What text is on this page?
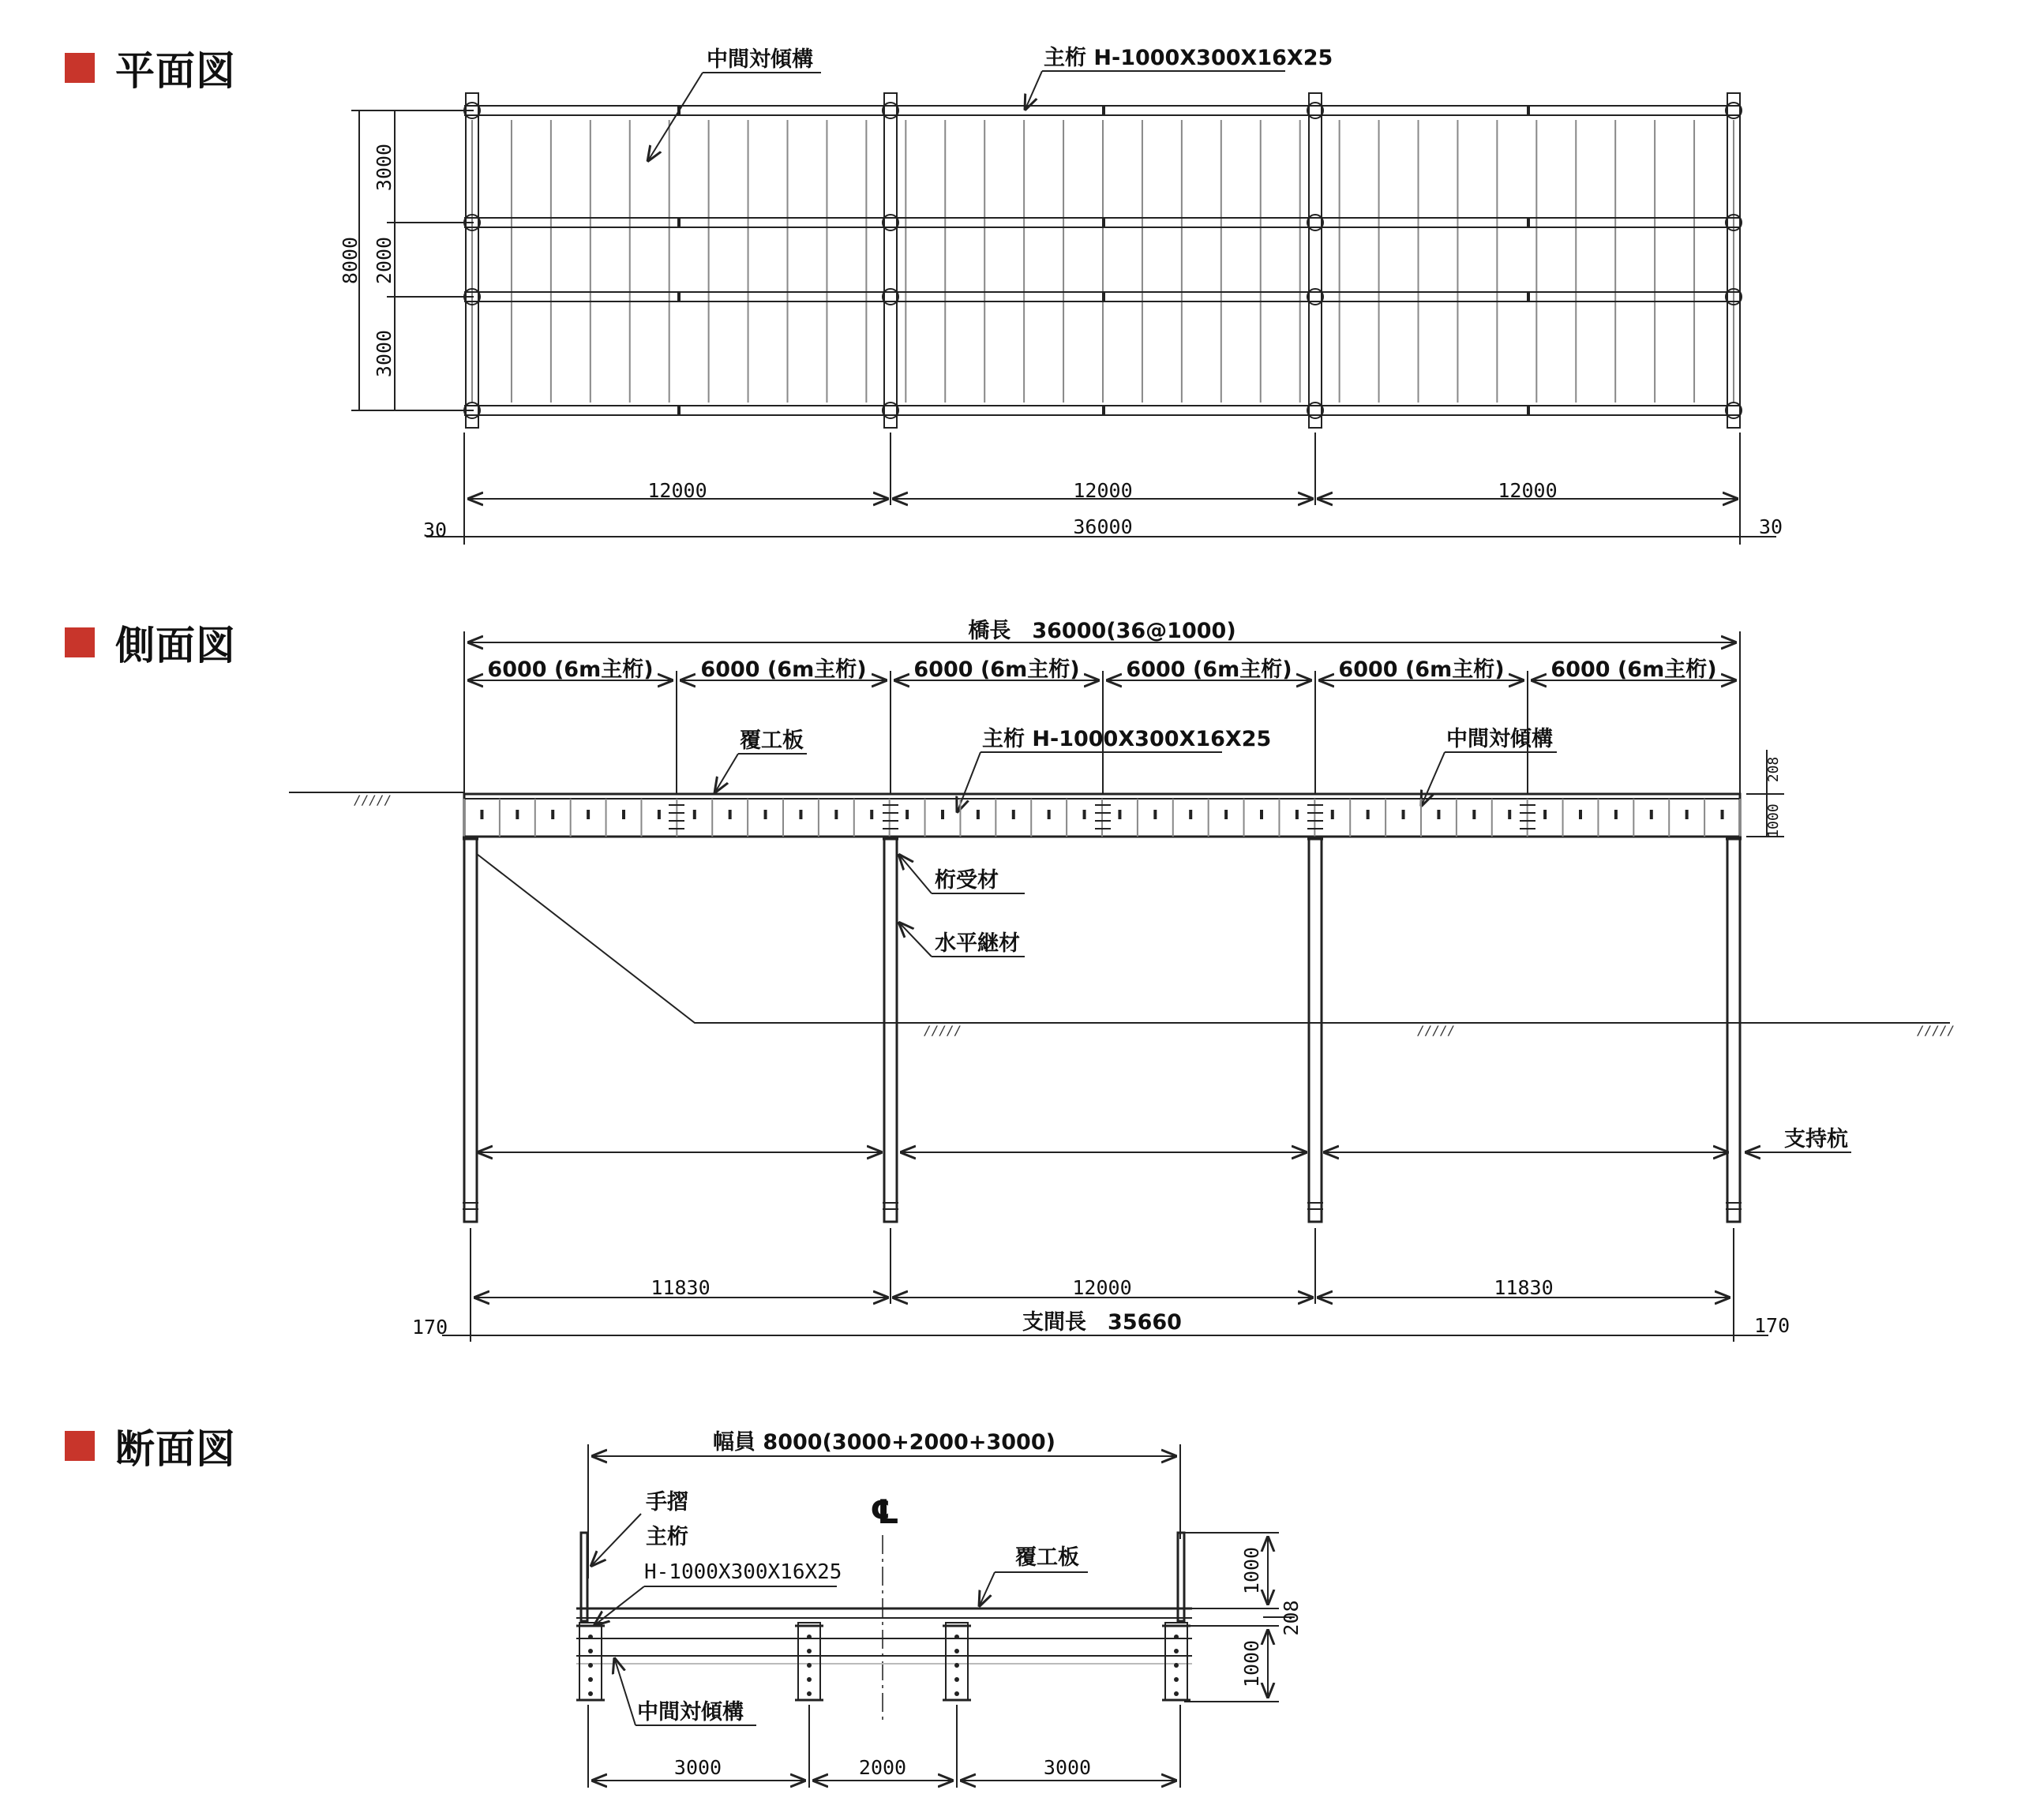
平面図
側面図
断面図
中間対傾構	主桁 H-1000X300X16X25
8000
3000
2000
3000
12000	12000	12000
36000
30	30
橋長　36000(36@1000)
6000 (6m主桁) 6000 (6m主桁) 6000 (6m主桁) 6000 (6m主桁) 6000 (6m主桁) 6000 (6m主桁)
覆工板	主桁 H-1000X300X16X25	中間対傾構
/////
/////	/////	/////
208
1000
桁受材
水平継材
支持杭
11830	12000	11830
支間長　35660
170	170
幅員 8000(3000+2000+3000)
℄
手摺
主桁
H-1000X300X16X25
覆工板
中間対傾構
1000
208
1000
3000	2000	3000
